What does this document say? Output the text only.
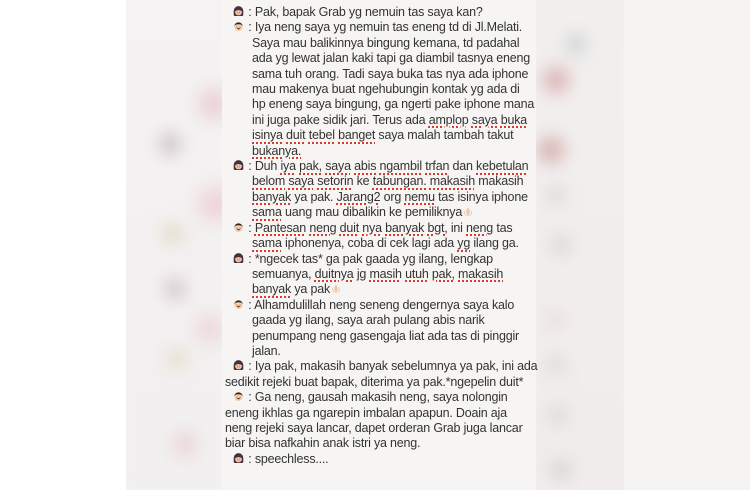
: Pak, bapak Grab yg nemuin tas saya kan?
: Iya neng saya yg nemuin tas eneng td di Jl.Melati.
Saya mau balikinnya bingung kemana, td padahal
ada yg lewat jalan kaki tapi ga diambil tasnya eneng
sama tuh orang. Tadi saya buka tas nya ada iphone
mau makenya buat ngehubungin kontak yg ada di
hp eneng saya bingung, ga ngerti pake iphone mana
ini juga pake sidik jari. Terus ada amplop saya buka
isinya duit tebel banget saya malah tambah takut
bukanya.
: Duh iya pak, saya abis ngambil trfan dan kebetulan
belom saya setorin ke tabungan. makasih makasih
banyak ya pak. Jarang2 org nemu tas isinya iphone
sama uang mau dibalikin ke pemiliknya
: Pantesan neng duit nya banyak bgt, ini neng tas
sama iphonenya, coba di cek lagi ada yg ilang ga.
: *ngecek tas* ga pak gaada yg ilang, lengkap
semuanya, duitnya jg masih utuh pak, makasih
banyak ya pak
: Alhamdulillah neng seneng dengernya saya kalo
gaada yg ilang, saya arah pulang abis narik
penumpang neng gasengaja liat ada tas di pinggir
jalan.
: Iya pak, makasih banyak sebelumnya ya pak, ini ada
sedikit rejeki buat bapak, diterima ya pak.*ngepelin duit*
: Ga neng, gausah makasih neng, saya nolongin
eneng ikhlas ga ngarepin imbalan apapun. Doain aja
neng rejeki saya lancar, dapet orderan Grab juga lancar
biar bisa nafkahin anak istri ya neng.
: speechless....
